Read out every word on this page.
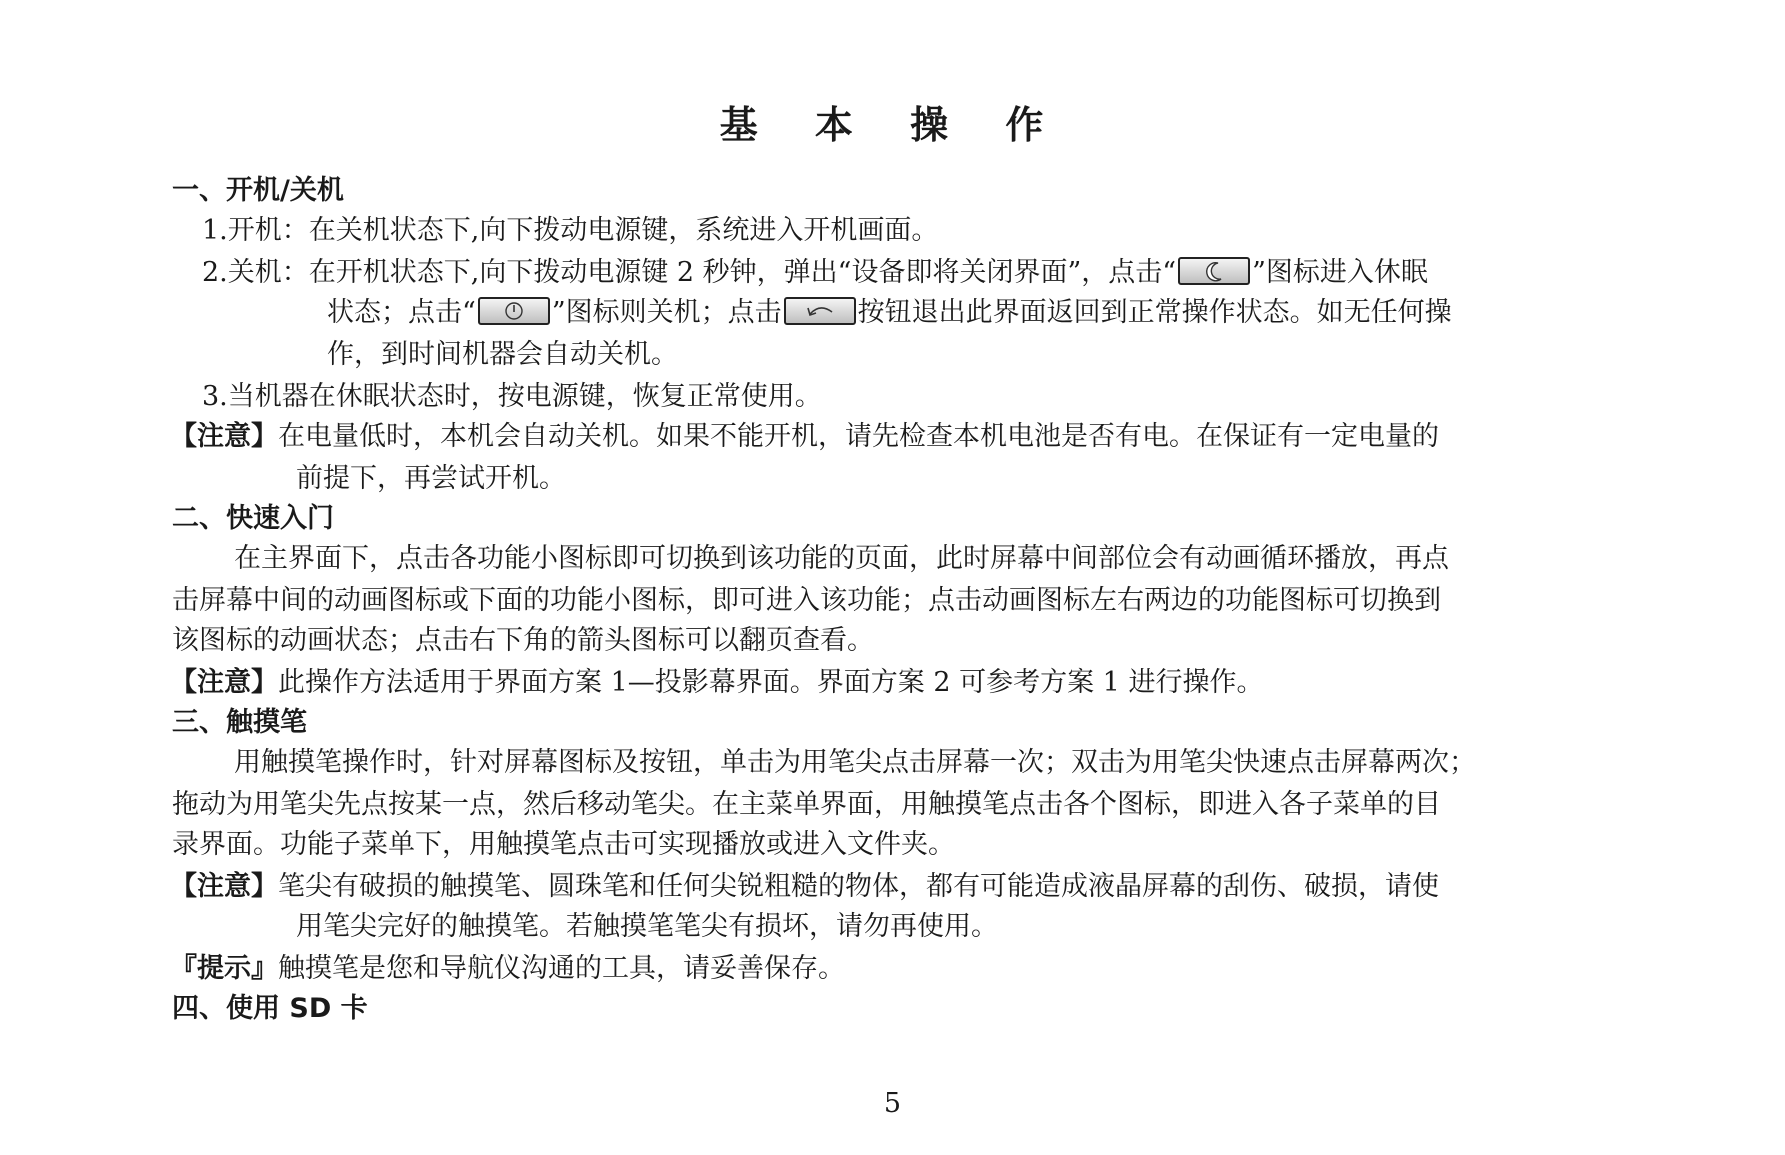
基 本 操 作
一、开机/关机
1.开机：在关机状态下,向下拨动电源键，系统进入开机画面。
2.关机：在开机状态下,向下拨动电源键 2 秒钟，弹出“设备即将关闭界面”，点击“	”图标进入休眠
状态；点击“	”图标则关机；点击	按钮退出此界面返回到正常操作状态。如无任何操
作，到时间机器会自动关机。
3.当机器在休眠状态时，按电源键，恢复正常使用。
【注意】在电量低时，本机会自动关机。如果不能开机，请先检查本机电池是否有电。在保证有一定电量的
前提下，再尝试开机。
二、快速入门
在主界面下，点击各功能小图标即可切换到该功能的页面，此时屏幕中间部位会有动画循环播放，再点
击屏幕中间的动画图标或下面的功能小图标，即可进入该功能；点击动画图标左右两边的功能图标可切换到
该图标的动画状态；点击右下角的箭头图标可以翻页查看。
【注意】此操作方法适用于界面方案 1—投影幕界面。界面方案 2 可参考方案 1 进行操作。
三、触摸笔
用触摸笔操作时，针对屏幕图标及按钮，单击为用笔尖点击屏幕一次；双击为用笔尖快速点击屏幕两次；
拖动为用笔尖先点按某一点，然后移动笔尖。在主菜单界面，用触摸笔点击各个图标，即进入各子菜单的目
录界面。功能子菜单下，用触摸笔点击可实现播放或进入文件夹。
【注意】笔尖有破损的触摸笔、圆珠笔和任何尖锐粗糙的物体，都有可能造成液晶屏幕的刮伤、破损，请使
用笔尖完好的触摸笔。若触摸笔笔尖有损坏，请勿再使用。
『提示』触摸笔是您和导航仪沟通的工具，请妥善保存。
四、使用 SD 卡
5
